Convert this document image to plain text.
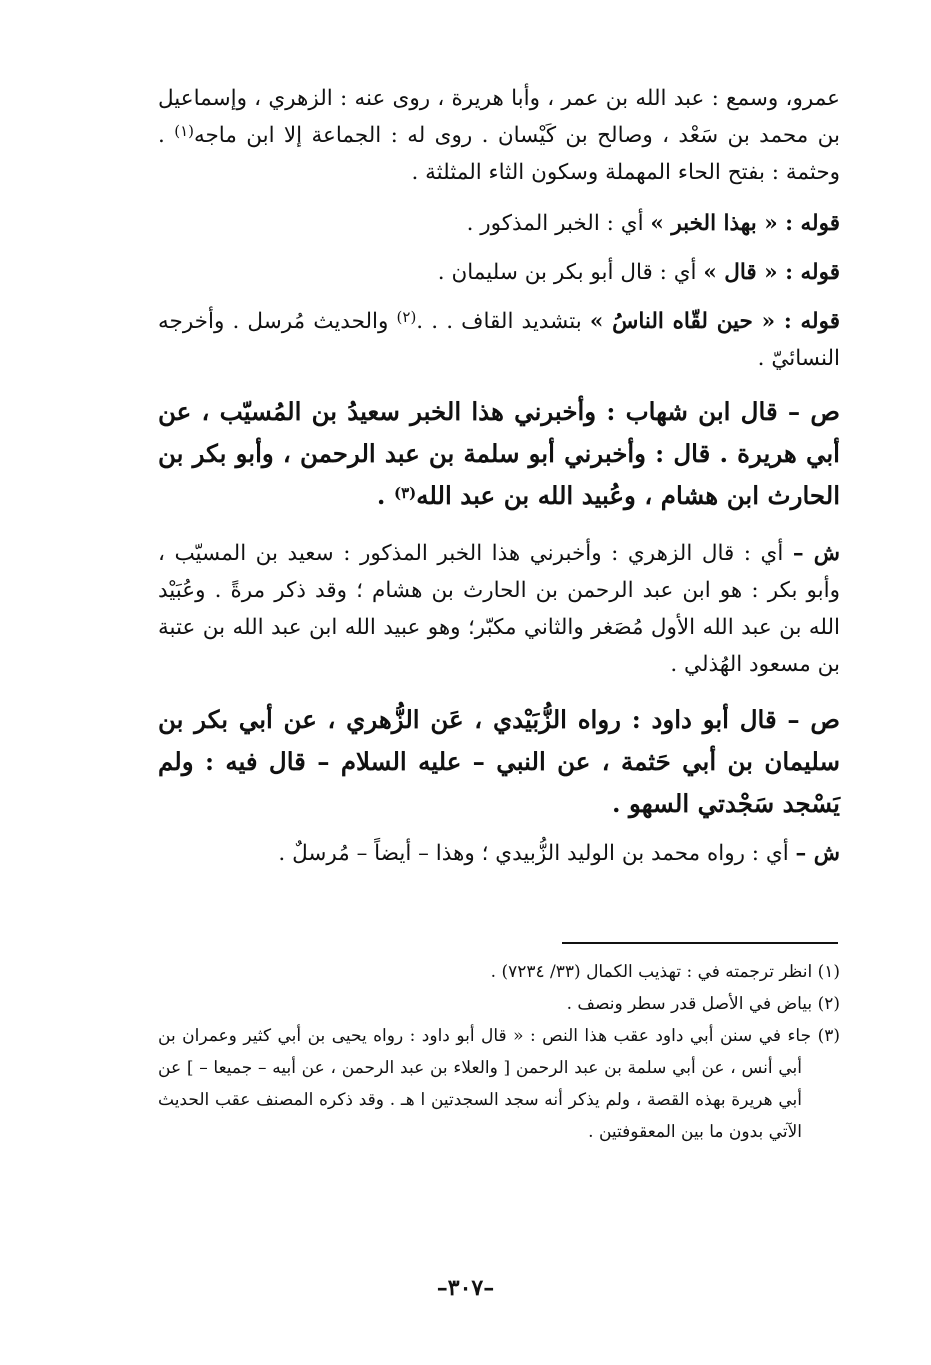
عمرو، وسمع : عبد الله بن عمر ، وأبا هريرة ، روى عنه : الزهري ، وإسماعيل بن محمد بن سَعْد ، وصالح بن كَيْسان . روى له : الجماعة إلا ابن ماجه$^{(١)}$ . وحثمة : بفتح الحاء المهملة وسكون الثاء المثلثة .

قوله : « بهذا الخبر » أي : الخبر المذكور .

قوله : « قال » أي : قال أبو بكر بن سليمان .

قوله : « حين لقّاه الناسُ » بتشديد القاف . . .$^{(٢)}$ والحديث مُرسل . وأخرجه النسائيّ .

ص – قال ابن شهاب : وأخبرني هذا الخبر سعيدُ بن المُسيّب ، عن أبي هريرة . قال : وأخبرني أبو سلمة بن عبد الرحمن ، وأبو بكر بن الحارث ابن هشام ، وعُبيد الله بن عبد الله$^{(٣)}$ .

ش – أي : قال الزهري : وأخبرني هذا الخبر المذكور : سعيد بن المسيّب ، وأبو بكر : هو ابن عبد الرحمن بن الحارث بن هشام ؛ وقد ذكر مرةً . وعُبَيْد الله بن عبد الله الأول مُصَغر والثاني مكبّر؛ وهو عبيد الله ابن عبد الله بن عتبة بن مسعود الهُذلي .

ص – قال أبو داود : رواه الزُّبَيْدي ، عَن الزُّهري ، عن أبي بكر بن سليمان بن أبي حَثمة ، عن النبي – عليه السلام – قال فيه : ولم يَسْجد سَجْدتي السهو .

ش – أي : رواه محمد بن الوليد الزُّبيدي ؛ وهذا – أيضاً – مُرسلٌ .

(١) انظر ترجمته في : تهذيب الكمال (٣٣/ ٧٢٣٤) .

(٢) بياض في الأصل قدر سطر ونصف .

(٣) جاء في سنن أبي داود عقب هذا النص : « قال أبو داود : رواه يحيى بن أبي كثير وعمران بن أبي أنس ، عن أبي سلمة بن عبد الرحمن [ والعلاء بن عبد الرحمن ، عن أبيه – جميعا – ] عن أبي هريرة بهذه القصة ، ولم يذكر أنه سجد السجدتين ا هـ . وقد ذكره المصنف عقب الحديث الآتي بدون ما بين المعقوفتين .

–٣٠٧–
